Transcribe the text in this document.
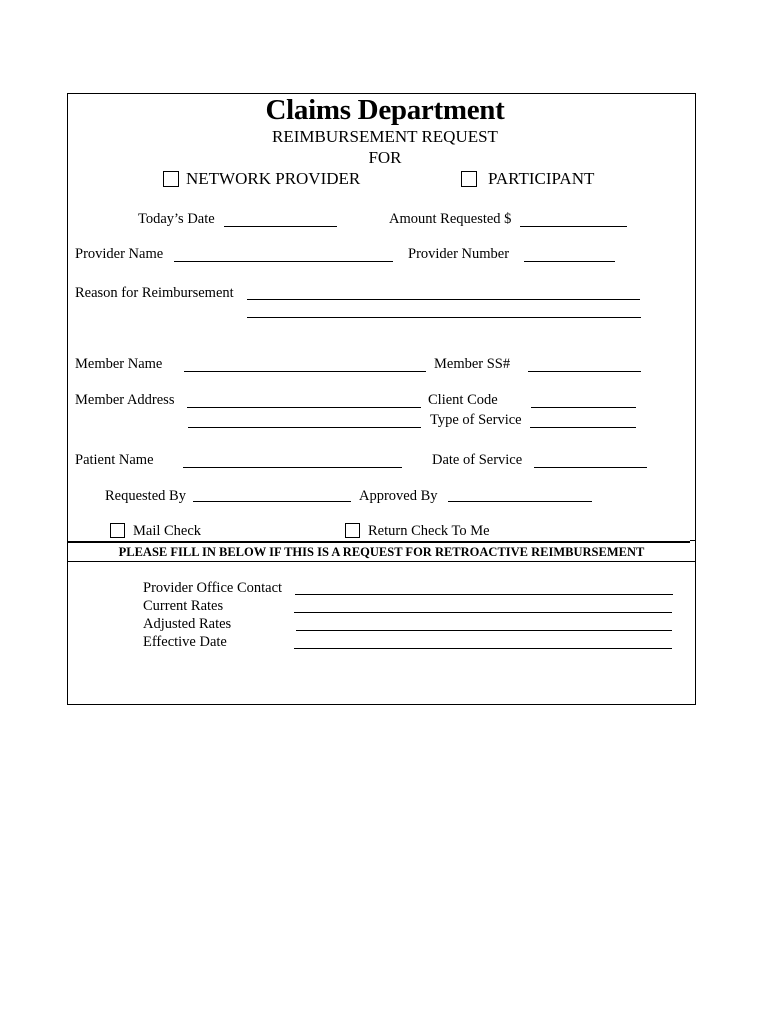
Claims Department
REIMBURSEMENT REQUEST
FOR
NETWORK PROVIDER	PARTICIPANT
Today’s Date	Amount Requested $
Provider Name	Provider Number
Reason for Reimbursement
Member Name	Member SS#
Member Address	Client Code
Type of Service
Patient Name	Date of Service
Requested By	Approved By
Mail Check	Return Check To Me
PLEASE FILL IN BELOW IF THIS IS A REQUEST FOR RETROACTIVE REIMBURSEMENT
Provider Office Contact
Current Rates
Adjusted Rates
Effective Date
